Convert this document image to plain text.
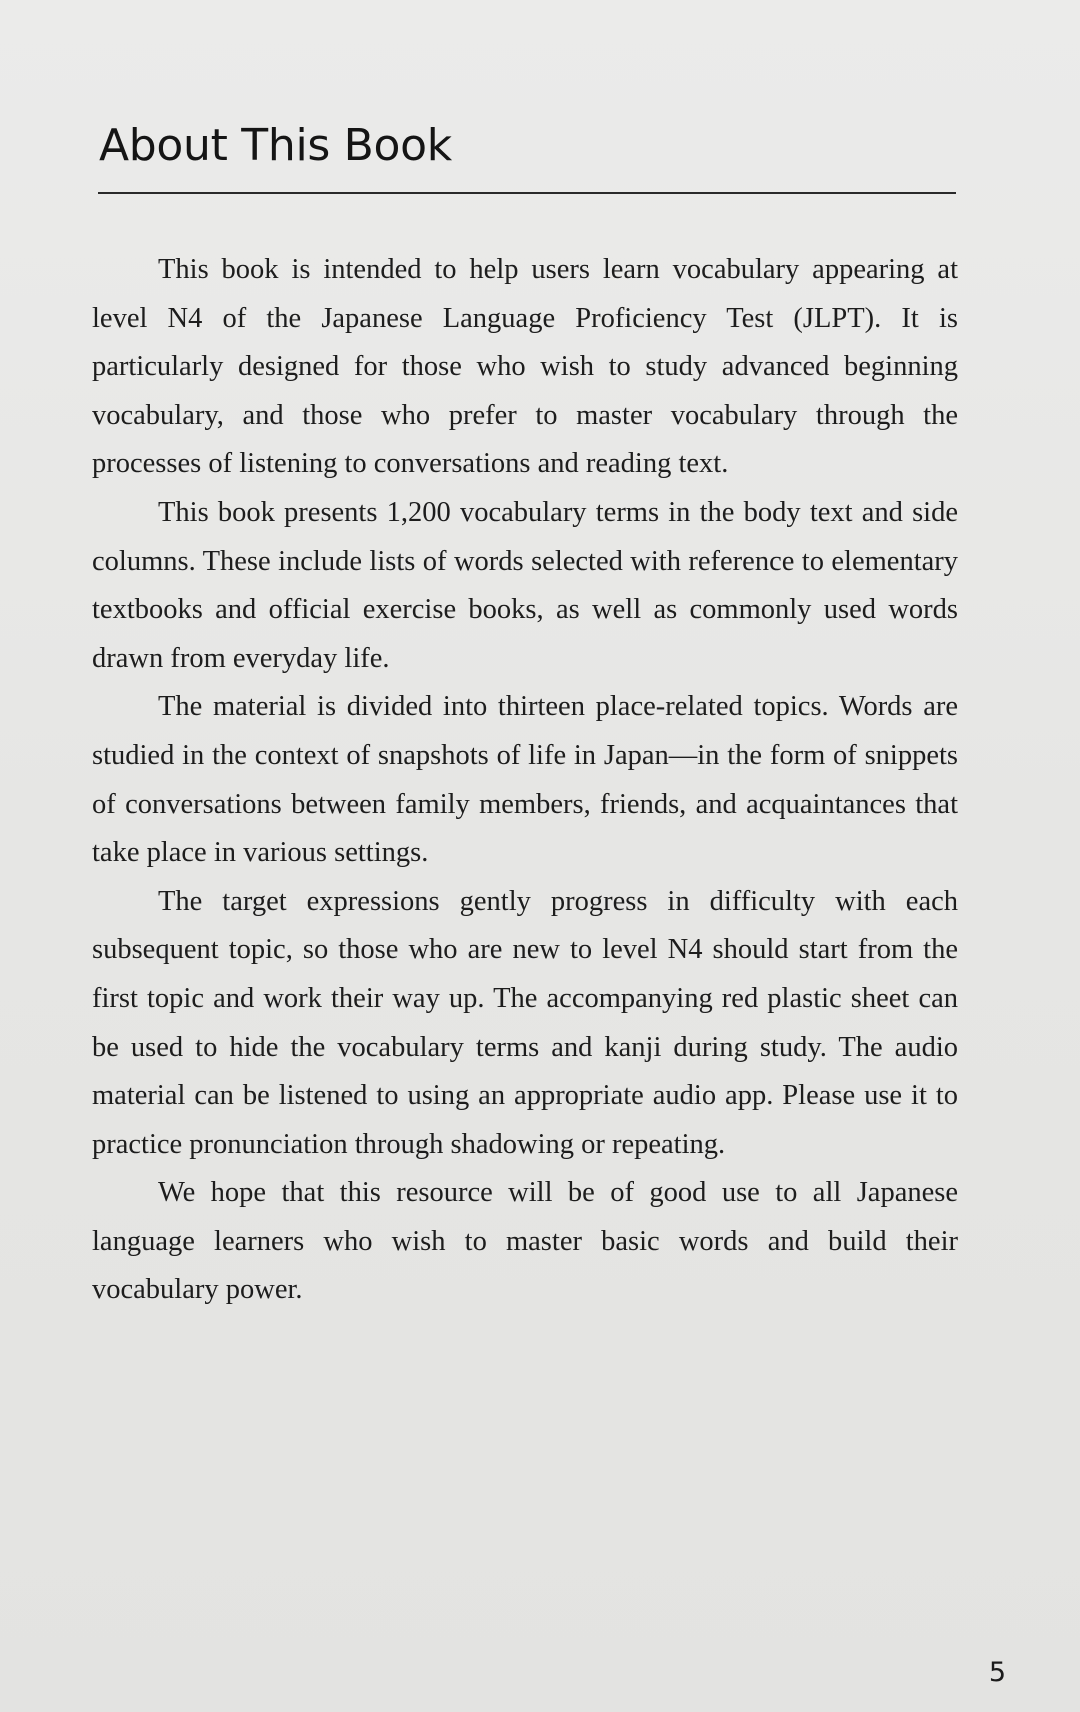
About This Book

This book is intended to help users learn vocabulary appearing at level N4 of the Japanese Language Proficiency Test (JLPT). It is particularly designed for those who wish to study advanced beginning vocabulary, and those who prefer to master vocabulary through the processes of listening to conversations and reading text.

This book presents 1,200 vocabulary terms in the body text and side columns. These include lists of words selected with reference to elementary textbooks and official exercise books, as well as commonly used words drawn from everyday life.

The material is divided into thirteen place-related topics. Words are studied in the context of snapshots of life in Japan—in the form of snippets of conversations between family members, friends, and acquaintances that take place in various settings.

The target expressions gently progress in difficulty with each subsequent topic, so those who are new to level N4 should start from the first topic and work their way up. The accompanying red plastic sheet can be used to hide the vocabulary terms and kanji during study. The audio material can be listened to using an appropriate audio app. Please use it to practice pronunciation through shadowing or repeating.

We hope that this resource will be of good use to all Japanese language learners who wish to master basic words and build their vocabulary power.

5
